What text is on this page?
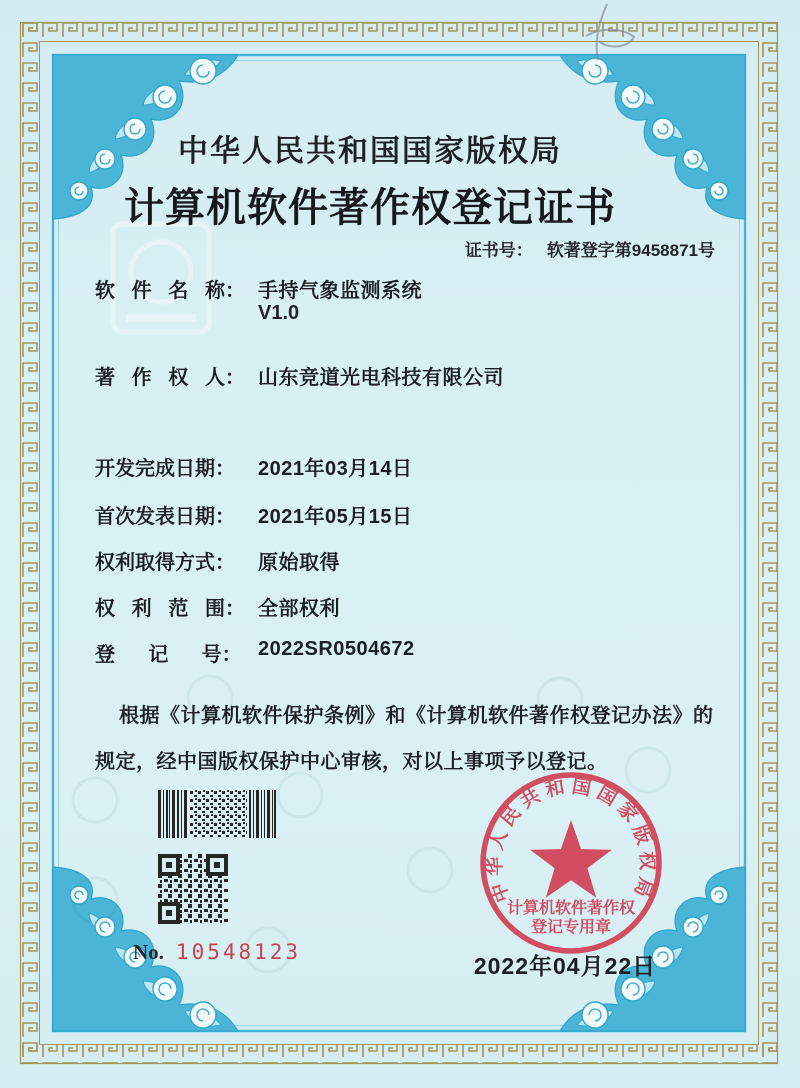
中华人民共和国国家版权局
计算机软件著作权登记证书
证书号： 软著登字第9458871号
软   件   名   称： 手持气象监测系统
V1.0
著   作   权   人： 山东竞道光电科技有限公司
开发完成日期：	2021年03月14日
首次发表日期：	2021年05月15日
权利取得方式：	原始取得
权   利   范   围： 全部权利
登      记      号： 2022SR0504672
根据《计算机软件保护条例》和《计算机软件著作权登记办法》的
规定，经中国版权保护中心审核，对以上事项予以登记。
No. 10548123
2022年04月22日
中华人民共和国国家版权局
计算机软件著作权
登记专用章
